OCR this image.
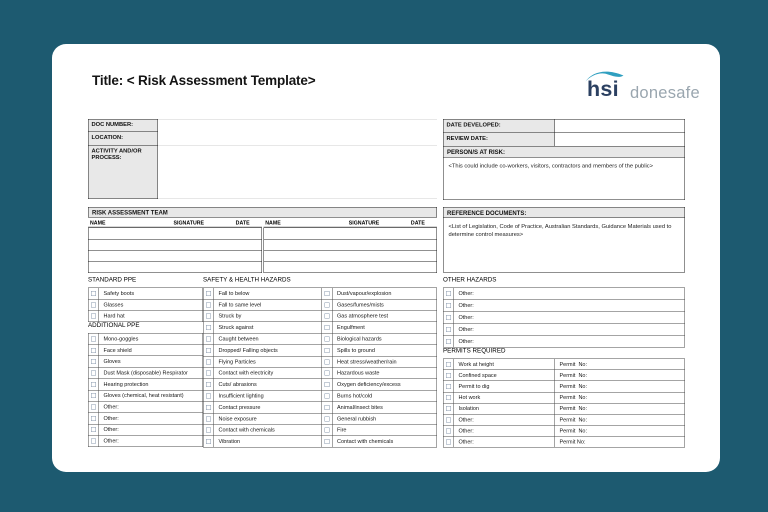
Title: < Risk Assessment Template>	hsi donesafe
DOC NUMBER:
LOCATION:
ACTIVITY AND/OR PROCESS:
DATE DEVELOPED:
REVIEW DATE:
PERSON/S AT RISK:
<This could include co-workers, visitors, contractors and members of the public>
RISK ASSESSMENT TEAM
NAME	SIGNATURE	DATE	NAME	SIGNATURE	DATE
REFERENCE DOCUMENTS:
<List of Legislation, Code of Practice, Australian Standards, Guidance Materials used to determine control measures>
STANDARD PPE
Safety boots
Glasses
Hard hat
ADDITIONAL PPE
Mono-goggles
Face shield
Gloves
Dust Mask (disposable) Respirator
Hearing protection
Gloves (chemical, heat resistant)
Other:
Other:
Other:
Other:
SAFETY & HEALTH HAZARDS
Fall to below
Fall to same level
Struck by
Struck against
Caught between
Dropped/ Falling objects
Flying Particles
Contact with electricity
Cuts/ abrasions
Insufficient lighting
Contact pressure
Noise exposure
Contact with chemicals
Vibration
Dust/vapour/explosion
Gases/fumes/mists
Gas atmosphere test
Engulfment
Biological hazards
Spills to ground
Heat stress/weather/rain
Hazardous waste
Oxygen deficiency/excess
Burns hot/cold
Animal/insect bites
General rubbish
Fire
Contact with chemicals
OTHER HAZARDS
Other:
Other:
Other:
Other:
Other:
PERMITS REQUIRED
Work at height	Permit  No:
Confined space	Permit  No:
Permit to dig	Permit  No:
Hot work	Permit  No:
Isolation	Permit  No:
Other:	Permit  No:
Other:	Permit  No:
Other:	Permit No:
